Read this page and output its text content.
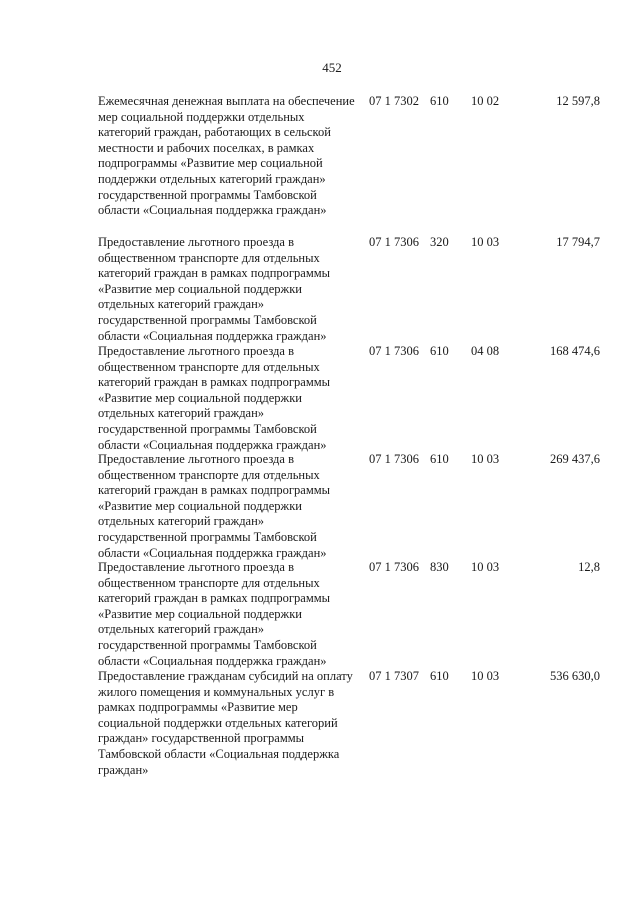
452
Ежемесячная денежная выплата на обеспечение мер социальной поддержки отдельных категорий граждан, работающих в сельской местности и рабочих поселках, в рамках подпрограммы «Развитие мер социальной поддержки отдельных категорий граждан» государственной программы Тамбовской области «Социальная поддержка граждан»
07 1 7302 610 10 02	12 597,8
Предоставление льготного проезда в общественном транспорте для отдельных категорий граждан в рамках подпрограммы «Развитие мер социальной поддержки отдельных категорий граждан» государственной программы Тамбовской области «Социальная поддержка граждан»
07 1 7306 320 10 03	17 794,7
Предоставление льготного проезда в общественном транспорте для отдельных категорий граждан в рамках подпрограммы «Развитие мер социальной поддержки отдельных категорий граждан» государственной программы Тамбовской области «Социальная поддержка граждан»
07 1 7306 610 04 08	168 474,6
Предоставление льготного проезда в общественном транспорте для отдельных категорий граждан в рамках подпрограммы «Развитие мер социальной поддержки отдельных категорий граждан» государственной программы Тамбовской области «Социальная поддержка граждан»
07 1 7306 610 10 03	269 437,6
Предоставление льготного проезда в общественном транспорте для отдельных категорий граждан в рамках подпрограммы «Развитие мер социальной поддержки отдельных категорий граждан» государственной программы Тамбовской области «Социальная поддержка граждан»
07 1 7306 830 10 03	12,8
Предоставление гражданам субсидий на оплату жилого помещения и коммунальных услуг в рамках подпрограммы «Развитие мер социальной поддержки отдельных категорий граждан» государственной программы Тамбовской области «Социальная поддержка граждан»
07 1 7307 610 10 03	536 630,0
